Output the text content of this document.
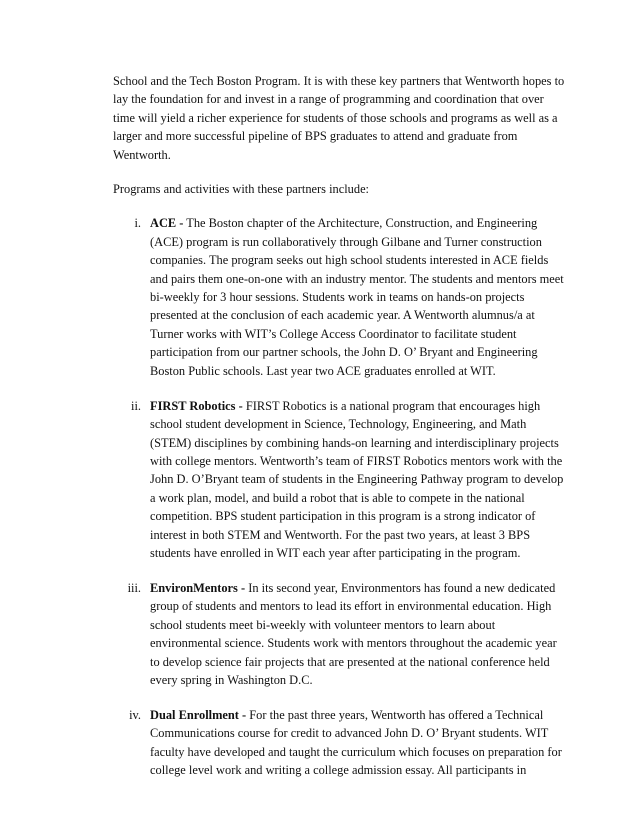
School and the Tech Boston Program. It is with these key partners that Wentworth hopes to lay the foundation for and invest in a range of programming and coordination that over time will yield a richer experience for students of those schools and programs as well as a larger and more successful pipeline of BPS graduates to attend and graduate from Wentworth.

Programs and activities with these partners include:

i. ACE - The Boston chapter of the Architecture, Construction, and Engineering (ACE) program is run collaboratively through Gilbane and Turner construction companies. The program seeks out high school students interested in ACE fields and pairs them one-on-one with an industry mentor. The students and mentors meet bi-weekly for 3 hour sessions. Students work in teams on hands-on projects presented at the conclusion of each academic year. A Wentworth alumnus/a at Turner works with WIT’s College Access Coordinator to facilitate student participation from our partner schools, the John D. O’ Bryant and Engineering Boston Public schools. Last year two ACE graduates enrolled at WIT.
ii. FIRST Robotics - FIRST Robotics is a national program that encourages high school student development in Science, Technology, Engineering, and Math (STEM) disciplines by combining hands-on learning and interdisciplinary projects with college mentors. Wentworth’s team of FIRST Robotics mentors work with the John D. O’Bryant team of students in the Engineering Pathway program to develop a work plan, model, and build a robot that is able to compete in the national competition. BPS student participation in this program is a strong indicator of interest in both STEM and Wentworth. For the past two years, at least 3 BPS students have enrolled in WIT each year after participating in the program.
iii. EnvironMentors - In its second year, Environmentors has found a new dedicated group of students and mentors to lead its effort in environmental education. High school students meet bi-weekly with volunteer mentors to learn about environmental science. Students work with mentors throughout the academic year to develop science fair projects that are presented at the national conference held every spring in Washington D.C.
iv. Dual Enrollment - For the past three years, Wentworth has offered a Technical Communications course for credit to advanced John D. O’ Bryant students. WIT faculty have developed and taught the curriculum which focuses on preparation for college level work and writing a college admission essay. All participants in
